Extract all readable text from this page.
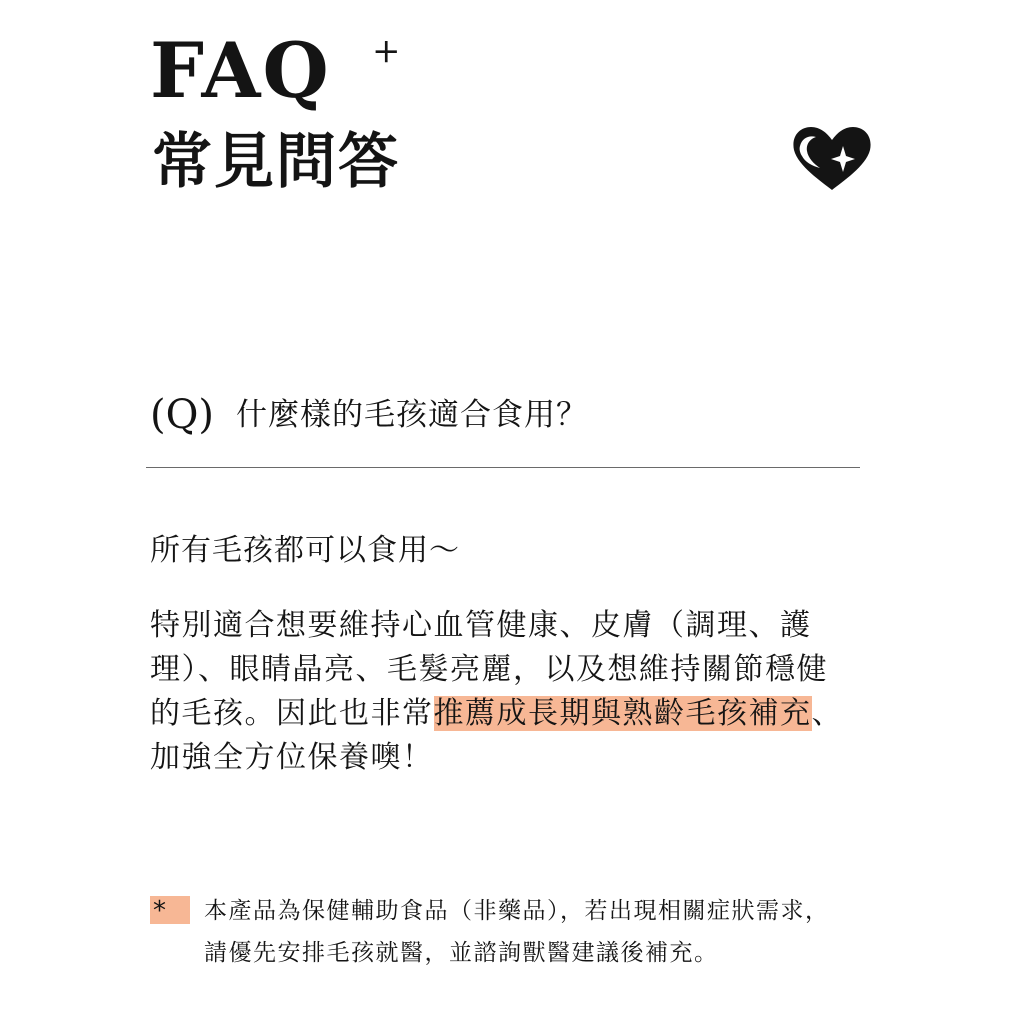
FAQ +
常見問答
(Q) 什麼樣的毛孩適合食用？

所有毛孩都可以食用～

特別適合想要維持心血管健康、皮膚（調理、護
理）、眼睛晶亮、毛髮亮麗，以及想維持關節穩健
的毛孩。因此也非常推薦成長期與熟齡毛孩補充、
加強全方位保養噢！

*	本產品為保健輔助食品（非藥品），若出現相關症狀需求，
請優先安排毛孩就醫，並諮詢獸醫建議後補充。
